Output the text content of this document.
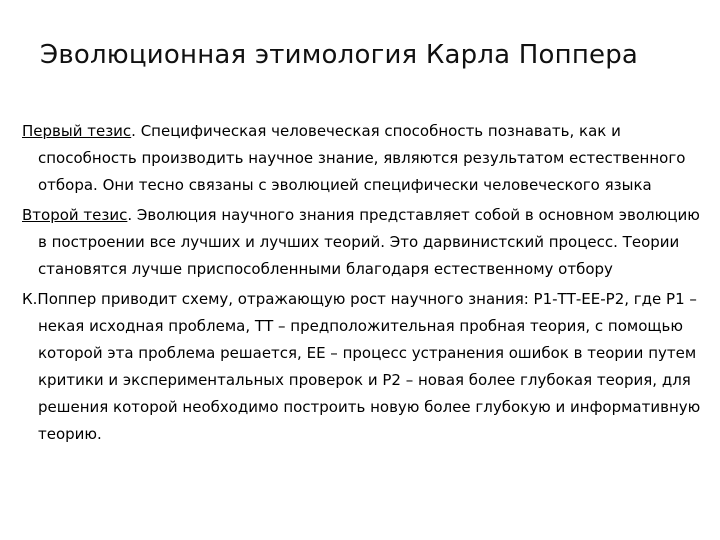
Эволюционная этимология Карла Поппера

Первый тезис. Специфическая человеческая способность познавать, как и способность производить научное знание, являются результатом естественного отбора. Они тесно связаны с эволюцией специфически человеческого языка

Второй тезис. Эволюция научного знания представляет собой в основном эволюцию в построении все лучших и лучших теорий. Это дарвинистский процесс. Теории становятся лучше приспособленными благодаря естественному отбору

К.Поппер приводит схему, отражающую рост научного знания: Р1-ТТ-ЕЕ-Р2, где Р1 – некая исходная проблема, ТТ – предположительная пробная теория, с помощью которой эта проблема решается, ЕЕ – процесс устранения ошибок в теории путем критики и экспериментальных проверок и Р2 – новая более глубокая теория, для решения которой необходимо построить новую более глубокую и информативную теорию.
